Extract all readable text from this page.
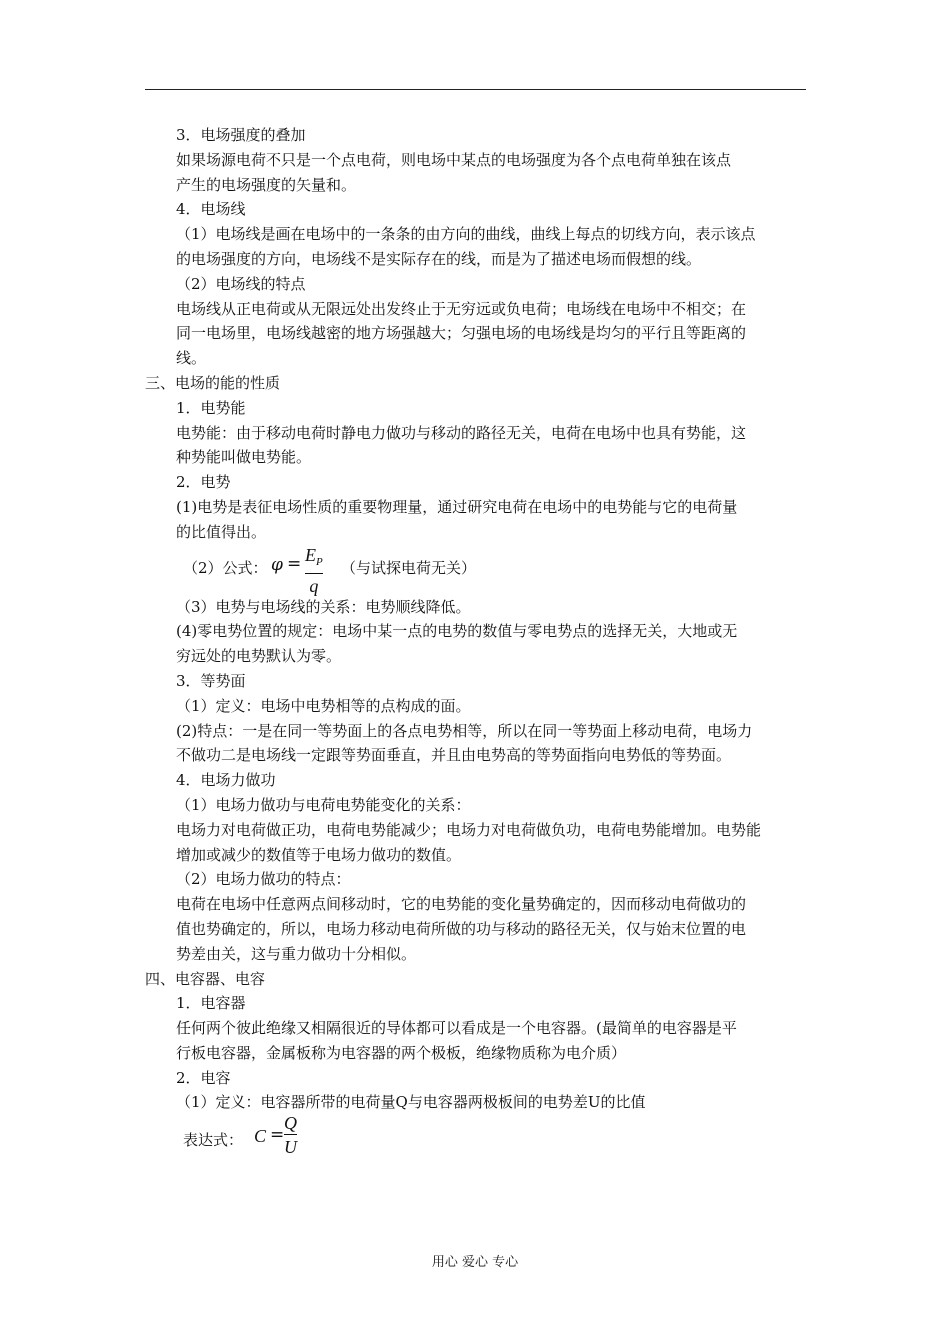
3．电场强度的叠加
如果场源电荷不只是一个点电荷，则电场中某点的电场强度为各个点电荷单独在该点
产生的电场强度的矢量和。
4．电场线
（1）电场线是画在电场中的一条条的由方向的曲线，曲线上每点的切线方向，表示该点
的电场强度的方向，电场线不是实际存在的线，而是为了描述电场而假想的线。
（2）电场线的特点
电场线从正电荷或从无限远处出发终止于无穷远或负电荷；电场线在电场中不相交；在
同一电场里，电场线越密的地方场强越大；匀强电场的电场线是均匀的平行且等距离的
线。
三、电场的能的性质
1．电势能
电势能：由于移动电荷时静电力做功与移动的路径无关，电荷在电场中也具有势能，这
种势能叫做电势能。
2．电势
(1)电势是表征电场性质的重要物理量，通过研究电荷在电场中的电势能与它的电荷量
的比值得出。
（2）公式： $\varphi = E_P$
q
（与试探电荷无关）
（3）电势与电场线的关系：电势顺线降低。
(4)零电势位置的规定：电场中某一点的电势的数值与零电势点的选择无关，大地或无
穷远处的电势默认为零。
3．等势面
（1）定义：电场中电势相等的点构成的面。
(2)特点：一是在同一等势面上的各点电势相等，所以在同一等势面上移动电荷，电场力
不做功二是电场线一定跟等势面垂直，并且由电势高的等势面指向电势低的等势面。
4．电场力做功
（1）电场力做功与电荷电势能变化的关系：
电场力对电荷做正功，电荷电势能减少；电场力对电荷做负功，电荷电势能增加。电势能
增加或减少的数值等于电场力做功的数值。
（2）电场力做功的特点：
电荷在电场中任意两点间移动时，它的电势能的变化量势确定的，因而移动电荷做功的
值也势确定的，所以，电场力移动电荷所做的功与移动的路径无关，仅与始末位置的电
势差由关，这与重力做功十分相似。
四、电容器、电容
1．电容器
任何两个彼此绝缘又相隔很近的导体都可以看成是一个电容器。(最简单的电容器是平
行板电容器，金属板称为电容器的两个极板，绝缘物质称为电介质）
2．电容
（1）定义：电容器所带的电荷量Q与电容器两极板间的电势差U的比值
表达式： C =
Q
U
用心 爱心 专心
